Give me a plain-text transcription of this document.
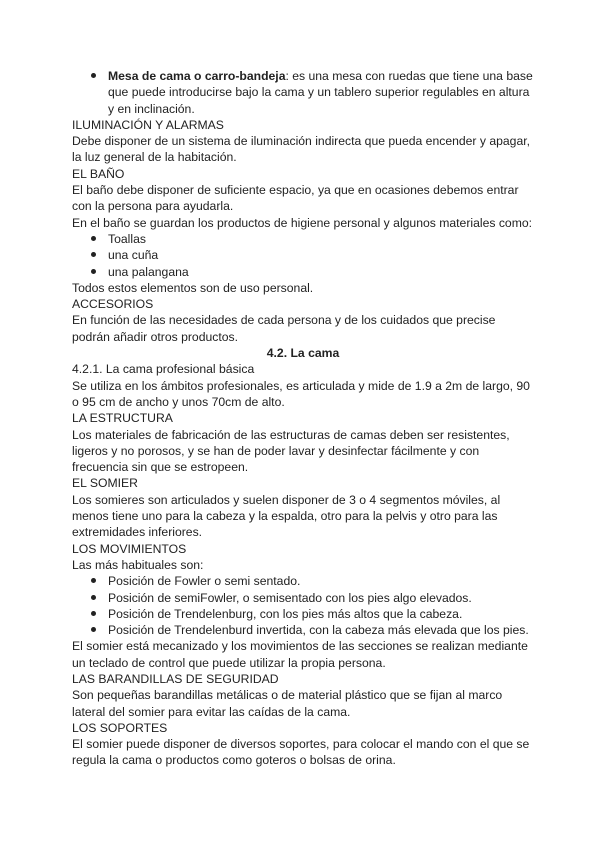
Mesa de cama o carro-bandeja: es una mesa con ruedas que tiene una base que puede introducirse bajo la cama y un tablero superior regulables en altura y en inclinación.

ILUMINACIÓN Y ALARMAS

Debe disponer de un sistema de iluminación indirecta que pueda encender y apagar, la luz general de la habitación.

EL BAÑO

El baño debe disponer de suficiente espacio, ya que en ocasiones debemos entrar con la persona para ayudarla.

En el baño se guardan los productos de higiene personal y algunos materiales como:

Toallas

una cuña

una palangana

Todos estos elementos son de uso personal.

ACCESORIOS

En función de las necesidades de cada persona y de los cuidados que precise podrán añadir otros productos.

4.2. La cama

4.2.1. La cama profesional básica

Se utiliza en los ámbitos profesionales, es articulada y mide de 1.9 a 2m de largo, 90 o 95 cm de ancho y unos 70cm de alto.

LA ESTRUCTURA

Los materiales de fabricación de las estructuras de camas deben ser resistentes, ligeros y no porosos, y se han de poder lavar y desinfectar fácilmente y con frecuencia sin que se estropeen.

EL SOMIER

Los somieres son articulados y suelen disponer de 3 o 4 segmentos móviles, al menos tiene uno para la cabeza y la espalda, otro para la pelvis y otro para las extremidades inferiores.

LOS MOVIMIENTOS

Las más habituales son:

Posición de Fowler o semi sentado.

Posición de semiFowler, o semisentado con los pies algo elevados.

Posición de Trendelenburg, con los pies más altos que la cabeza.

Posición de Trendelenburd invertida, con la cabeza más elevada que los pies.

El somier está mecanizado y los movimientos de las secciones se realizan mediante un teclado de control que puede utilizar la propia persona.

LAS BARANDILLAS DE SEGURIDAD

Son pequeñas barandillas metálicas o de material plástico que se fijan al marco lateral del somier para evitar las caídas de la cama.

LOS SOPORTES

El somier puede disponer de diversos soportes, para colocar el mando con el que se regula la cama o productos como goteros o bolsas de orina.
